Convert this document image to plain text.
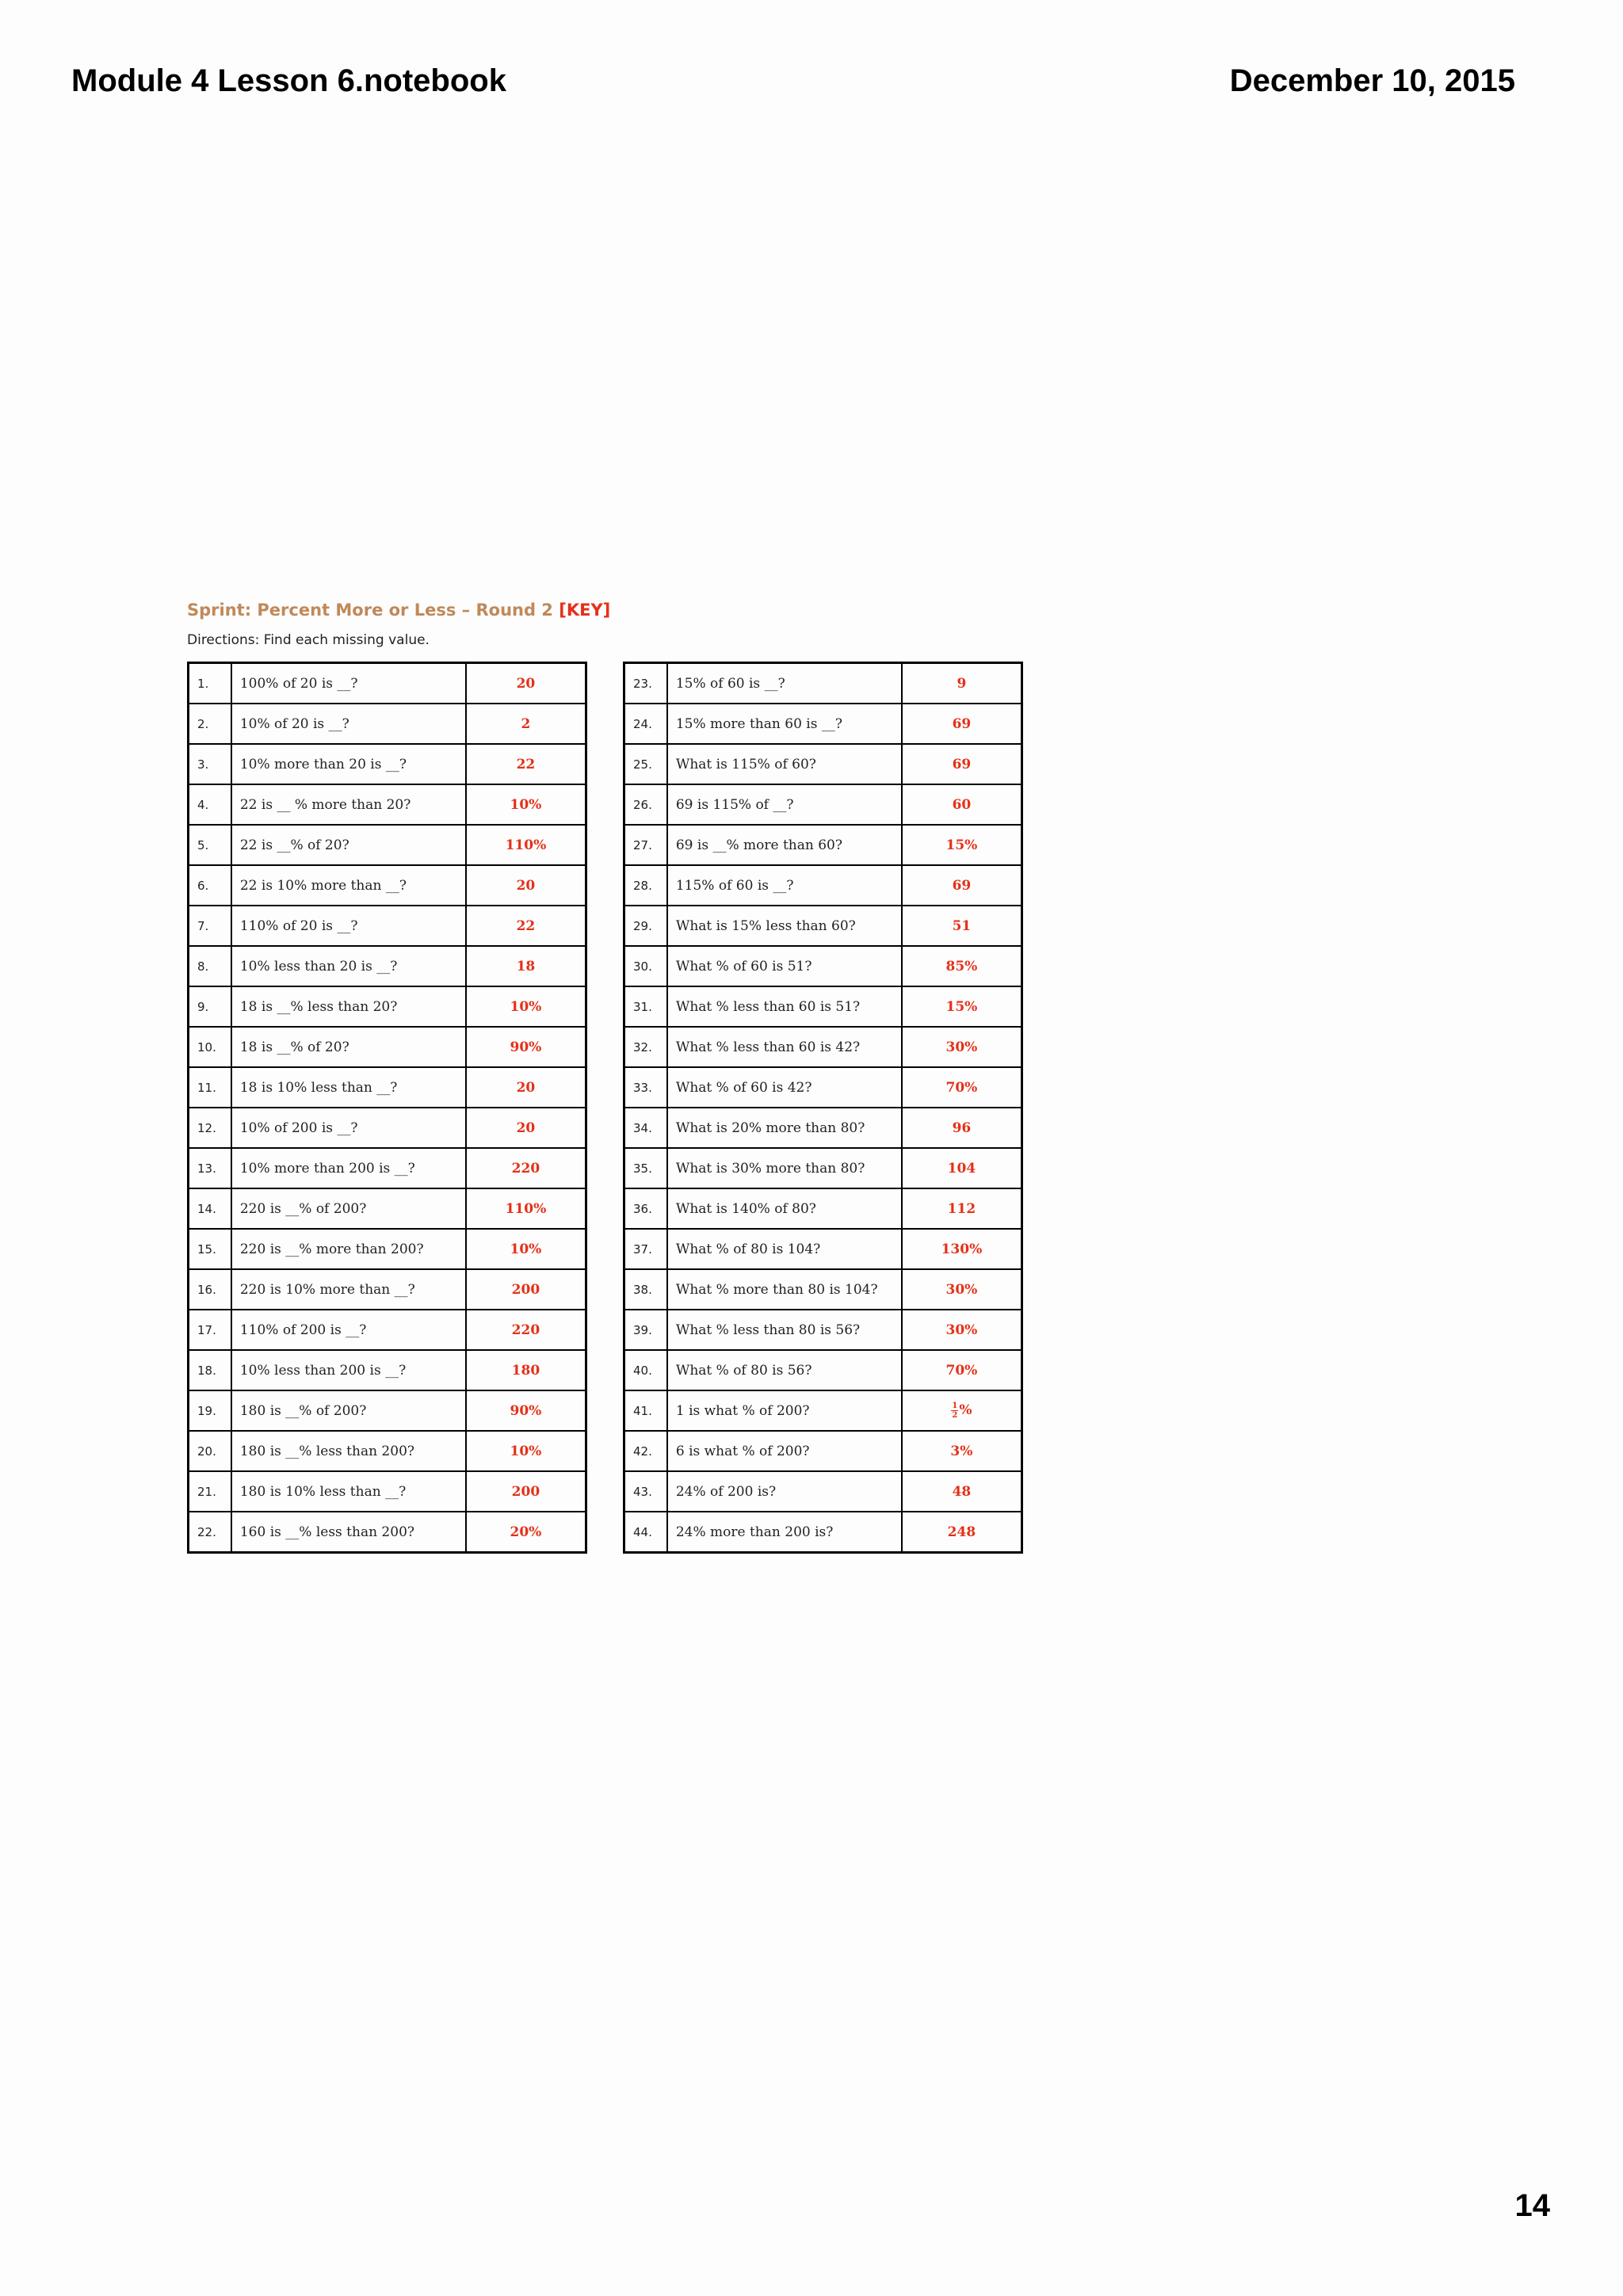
Module 4 Lesson 6.notebook	December 10, 2015
Sprint: Percent More or Less – Round 2 [KEY]
Directions: Find each missing value.
1.	100% of 20 is __?	20
2.	10% of 20 is __?	2
3.	10% more than 20 is __?	22
4.	22 is __ % more than 20?	10%
5.	22 is __% of 20?	110%
6.	22 is 10% more than __?	20
7.	110% of 20 is __?	22
8.	10% less than 20 is __?	18
9.	18 is __% less than 20?	10%
10.	18 is __% of 20?	90%
11.	18 is 10% less than __?	20
12.	10% of 200 is __?	20
13.	10% more than 200 is __?	220
14.	220 is __% of 200?	110%
15.	220 is __% more than 200?	10%
16.	220 is 10% more than __?	200
17.	110% of 200 is __?	220
18.	10% less than 200 is __?	180
19.	180 is __% of 200?	90%
20.	180 is __% less than 200?	10%
21.	180 is 10% less than __?	200
22.	160 is __% less than 200?	20%
23.	15% of 60 is __?	9
24.	15% more than 60 is __?	69
25.	What is 115% of 60?	69
26.	69 is 115% of __?	60
27.	69 is __% more than 60?	15%
28.	115% of 60 is __?	69
29.	What is 15% less than 60?	51
30.	What % of 60 is 51?	85%
31.	What % less than 60 is 51?	15%
32.	What % less than 60 is 42?	30%
33.	What % of 60 is 42?	70%
34.	What is 20% more than 80?	96
35.	What is 30% more than 80?	104
36.	What is 140% of 80?	112
37.	What % of 80 is 104?	130%
38.	What % more than 80 is 104?	30%
39.	What % less than 80 is 56?	30%
40.	What % of 80 is 56?	70%
41.	1 is what % of 200?	$\frac{1}{2}$ %
42.	6 is what % of 200?	3%
43.	24% of 200 is?	48
44.	24% more than 200 is?	248
14
